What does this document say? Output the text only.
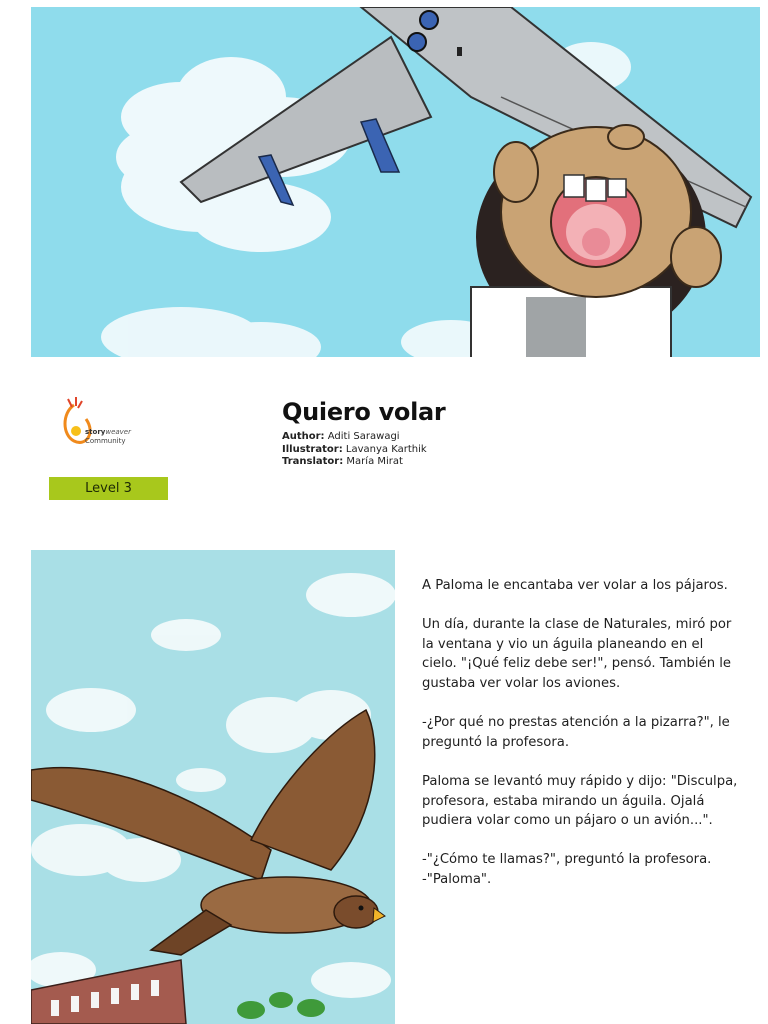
storyweaver
Community
Level 3
Quiero volar
Author: Aditi Sarawagi
Illustrator: Lavanya Karthik
Translator: María Mirat

A Paloma le encantaba ver volar a los pájaros.

Un día, durante la clase de Naturales, miró por la ventana y vio un águila planeando en el cielo. "¡Qué feliz debe ser!", pensó. También le gustaba ver volar los aviones.

-¿Por qué no prestas atención a la pizarra?", le preguntó la profesora.

Paloma se levantó muy rápido y dijo: "Disculpa, profesora, estaba mirando un águila. Ojalá pudiera volar como un pájaro o un avión...".

-"¿Cómo te llamas?", preguntó la profesora.

-"Paloma".
